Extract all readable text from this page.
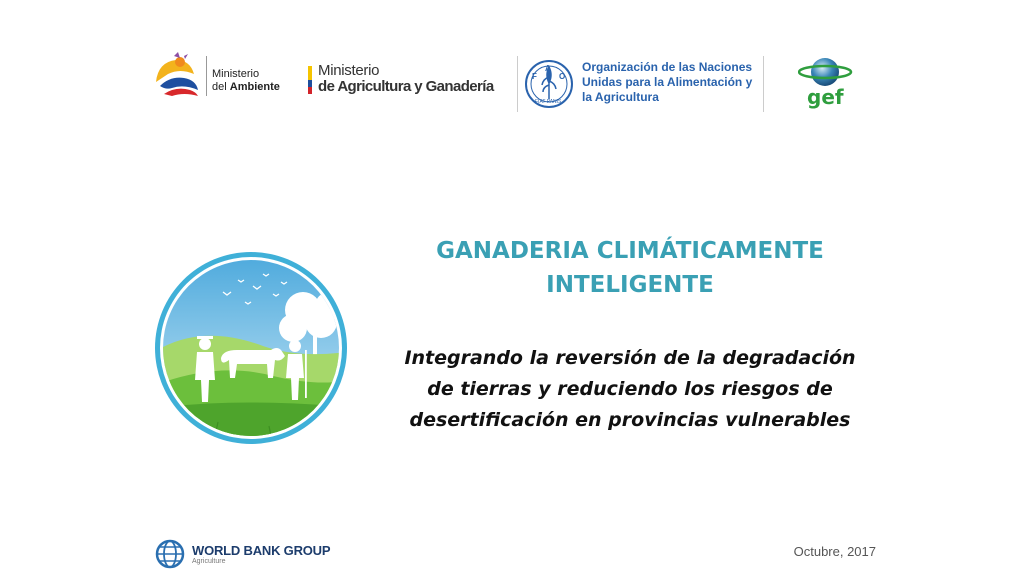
Ministerio
del Ambiente
Ministerio
de Agricultura y Ganadería
F
A
O
FIAT PANIS
Organización de las Naciones Unidas para la Alimentación y la Agricultura	gef
GANADERIA CLIMÁTICAMENTE INTELIGENTE
Integrando la reversión de la degradación de tierras y reduciendo los riesgos de desertificación en provincias vulnerables
WORLD BANK GROUP
Agriculture
Octubre, 2017
